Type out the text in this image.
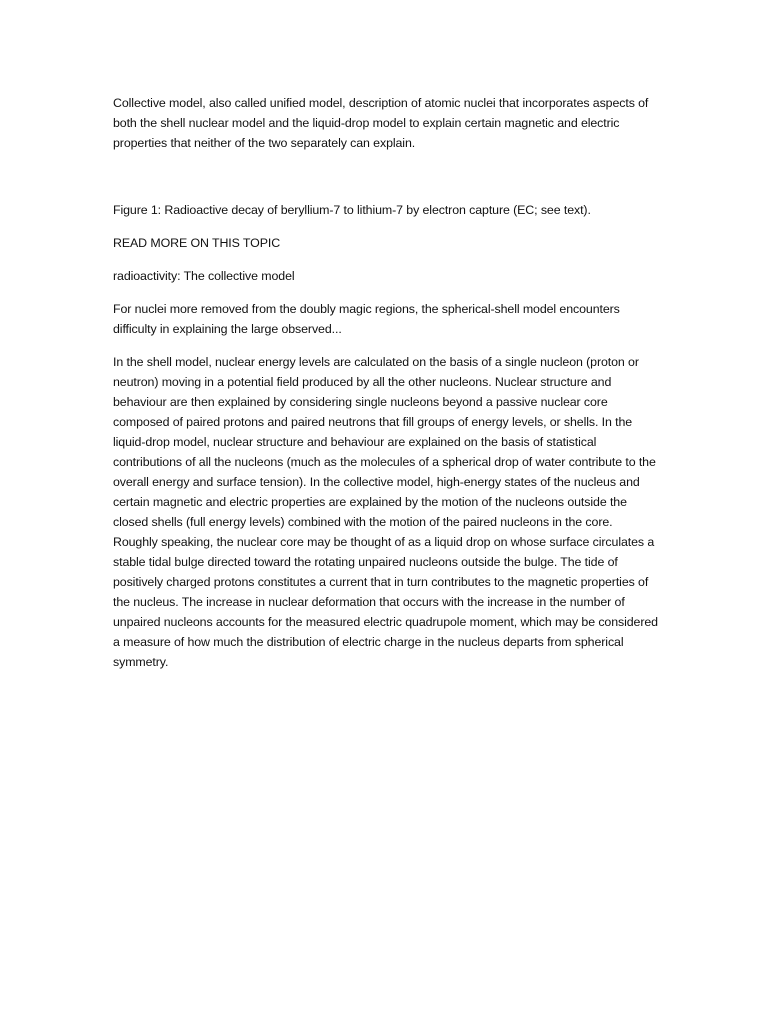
Collective model, also called unified model, description of atomic nuclei that incorporates aspects of both the shell nuclear model and the liquid-drop model to explain certain magnetic and electric properties that neither of the two separately can explain.

Figure 1: Radioactive decay of beryllium-7 to lithium-7 by electron capture (EC; see text).

READ MORE ON THIS TOPIC

radioactivity: The collective model

For nuclei more removed from the doubly magic regions, the spherical-shell model encounters difficulty in explaining the large observed...

In the shell model, nuclear energy levels are calculated on the basis of a single nucleon (proton or neutron) moving in a potential field produced by all the other nucleons. Nuclear structure and behaviour are then explained by considering single nucleons beyond a passive nuclear core composed of paired protons and paired neutrons that fill groups of energy levels, or shells. In the liquid-drop model, nuclear structure and behaviour are explained on the basis of statistical contributions of all the nucleons (much as the molecules of a spherical drop of water contribute to the overall energy and surface tension). In the collective model, high-energy states of the nucleus and certain magnetic and electric properties are explained by the motion of the nucleons outside the closed shells (full energy levels) combined with the motion of the paired nucleons in the core. Roughly speaking, the nuclear core may be thought of as a liquid drop on whose surface circulates a stable tidal bulge directed toward the rotating unpaired nucleons outside the bulge. The tide of positively charged protons constitutes a current that in turn contributes to the magnetic properties of the nucleus. The increase in nuclear deformation that occurs with the increase in the number of unpaired nucleons accounts for the measured electric quadrupole moment, which may be considered a measure of how much the distribution of electric charge in the nucleus departs from spherical symmetry.
